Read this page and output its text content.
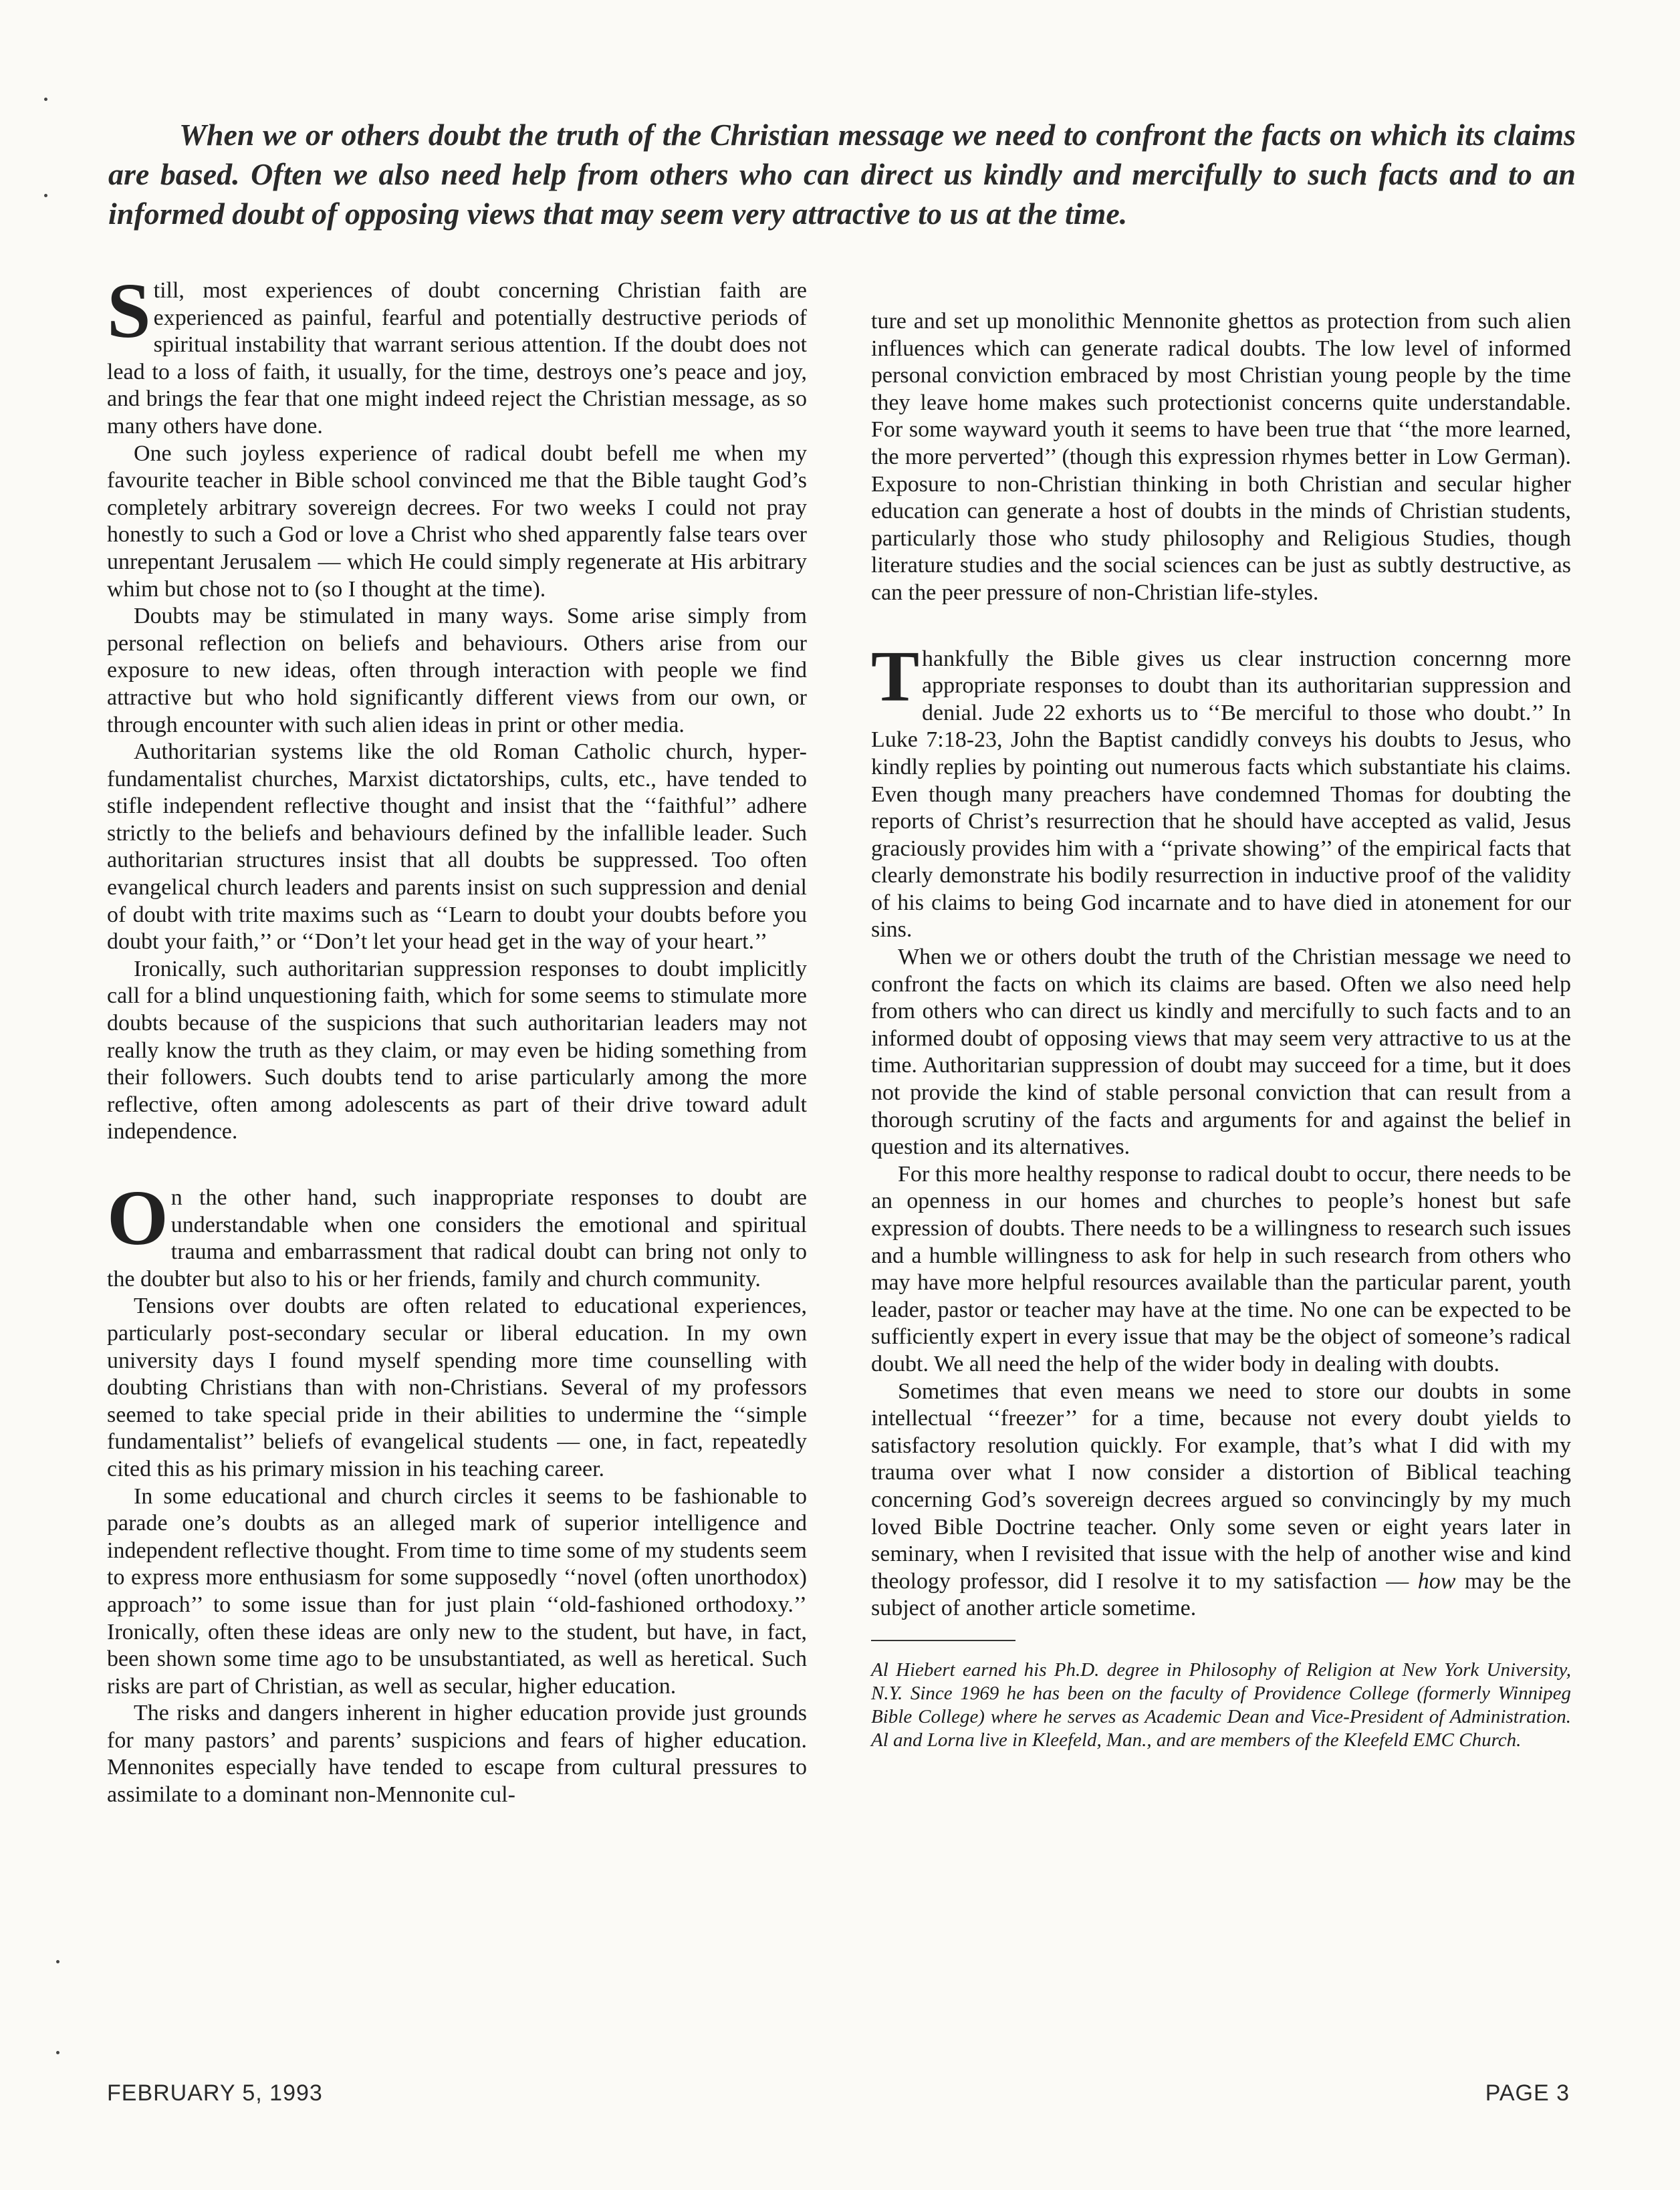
When we or others doubt the truth of the Christian message we need to confront the facts on which its claims are based. Often we also need help from others who can direct us kindly and mercifully to such facts and to an informed doubt of opposing views that may seem very attractive to us at the time.

Still, most experiences of doubt concerning Christian faith are experienced as painful, fearful and potentially destructive periods of spiritual instability that warrant serious attention. If the doubt does not lead to a loss of faith, it usually, for the time, destroys one’s peace and joy, and brings the fear that one might indeed reject the Christian message, as so many others have done.

One such joyless experience of radical doubt befell me when my favourite teacher in Bible school convinced me that the Bible taught God’s completely arbitrary sovereign decrees. For two weeks I could not pray honestly to such a God or love a Christ who shed apparently false tears over unrepentant Jerusalem — which He could simply regenerate at His arbitrary whim but chose not to (so I thought at the time).

Doubts may be stimulated in many ways. Some arise simply from personal reflection on beliefs and behaviours. Others arise from our exposure to new ideas, often through interaction with people we find attractive but who hold significantly different views from our own, or through encounter with such alien ideas in print or other media.

Authoritarian systems like the old Roman Catholic church, hyper-fundamentalist churches, Marxist dictatorships, cults, etc., have tended to stifle independent reflective thought and insist that the ‘‘faithful’’ adhere strictly to the beliefs and behaviours defined by the infallible leader. Such authoritarian structures insist that all doubts be suppressed. Too often evangelical church leaders and parents insist on such suppression and denial of doubt with trite maxims such as ‘‘Learn to doubt your doubts before you doubt your faith,’’ or ‘‘Don’t let your head get in the way of your heart.’’

Ironically, such authoritarian suppression responses to doubt implicitly call for a blind unquestioning faith, which for some seems to stimulate more doubts because of the suspicions that such authoritarian leaders may not really know the truth as they claim, or may even be hiding something from their followers. Such doubts tend to arise particularly among the more reflective, often among adolescents as part of their drive toward adult independence.

On the other hand, such inappropriate responses to doubt are understandable when one considers the emotional and spiritual trauma and embarrassment that radical doubt can bring not only to the doubter but also to his or her friends, family and church community.

Tensions over doubts are often related to educational experiences, particularly post-secondary secular or liberal education. In my own university days I found myself spending more time counselling with doubting Christians than with non-Christians. Several of my professors seemed to take special pride in their abilities to undermine the ‘‘simple fundamentalist’’ beliefs of evangelical students — one, in fact, repeatedly cited this as his primary mission in his teaching career.

In some educational and church circles it seems to be fashionable to parade one’s doubts as an alleged mark of superior intelligence and independent reflective thought. From time to time some of my students seem to express more enthusiasm for some supposedly ‘‘novel (often unorthodox) approach’’ to some issue than for just plain ‘‘old-fashioned orthodoxy.’’ Ironically, often these ideas are only new to the student, but have, in fact, been shown some time ago to be unsubstantiated, as well as heretical. Such risks are part of Christian, as well as secular, higher education.

The risks and dangers inherent in higher education provide just grounds for many pastors’ and parents’ suspicions and fears of higher education. Mennonites especially have tended to escape from cultural pressures to assimilate to a dominant non-Mennonite cul-

ture and set up monolithic Mennonite ghettos as protection from such alien influences which can generate radical doubts. The low level of informed personal conviction embraced by most Christian young people by the time they leave home makes such protectionist concerns quite understandable. For some wayward youth it seems to have been true that ‘‘the more learned, the more perverted’’ (though this expression rhymes better in Low German). Exposure to non-Christian thinking in both Christian and secular higher education can generate a host of doubts in the minds of Christian students, particularly those who study philosophy and Religious Studies, though literature studies and the social sciences can be just as subtly destructive, as can the peer pressure of non-Christian life-styles.

Thankfully the Bible gives us clear instruction concernng more appropriate responses to doubt than its authoritarian suppression and denial. Jude 22 exhorts us to ‘‘Be merciful to those who doubt.’’ In Luke 7:18-23, John the Baptist candidly conveys his doubts to Jesus, who kindly replies by pointing out numerous facts which substantiate his claims. Even though many preachers have condemned Thomas for doubting the reports of Christ’s resurrection that he should have accepted as valid, Jesus graciously provides him with a ‘‘private showing’’ of the empirical facts that clearly demonstrate his bodily resurrection in inductive proof of the validity of his claims to being God incarnate and to have died in atonement for our sins.

When we or others doubt the truth of the Christian message we need to confront the facts on which its claims are based. Often we also need help from others who can direct us kindly and mercifully to such facts and to an informed doubt of opposing views that may seem very attractive to us at the time. Authoritarian suppression of doubt may succeed for a time, but it does not provide the kind of stable personal conviction that can result from a thorough scrutiny of the facts and arguments for and against the belief in question and its alternatives.

For this more healthy response to radical doubt to occur, there needs to be an openness in our homes and churches to people’s honest but safe expression of doubts. There needs to be a willingness to research such issues and a humble willingness to ask for help in such research from others who may have more helpful resources available than the particular parent, youth leader, pastor or teacher may have at the time. No one can be expected to be sufficiently expert in every issue that may be the object of someone’s radical doubt. We all need the help of the wider body in dealing with doubts.

Sometimes that even means we need to store our doubts in some intellectual ‘‘freezer’’ for a time, because not every doubt yields to satisfactory resolution quickly. For example, that’s what I did with my trauma over what I now consider a distortion of Biblical teaching concerning God’s sovereign decrees argued so convincingly by my much loved Bible Doctrine teacher. Only some seven or eight years later in seminary, when I revisited that issue with the help of another wise and kind theology professor, did I resolve it to my satisfaction — how may be the subject of another article sometime.

Al Hiebert earned his Ph.D. degree in Philosophy of Religion at New York University, N.Y. Since 1969 he has been on the faculty of Providence College (formerly Winnipeg Bible College) where he serves as Academic Dean and Vice-President of Administration. Al and Lorna live in Kleefeld, Man., and are members of the Kleefeld EMC Church.

FEBRUARY 5, 1993	PAGE 3
